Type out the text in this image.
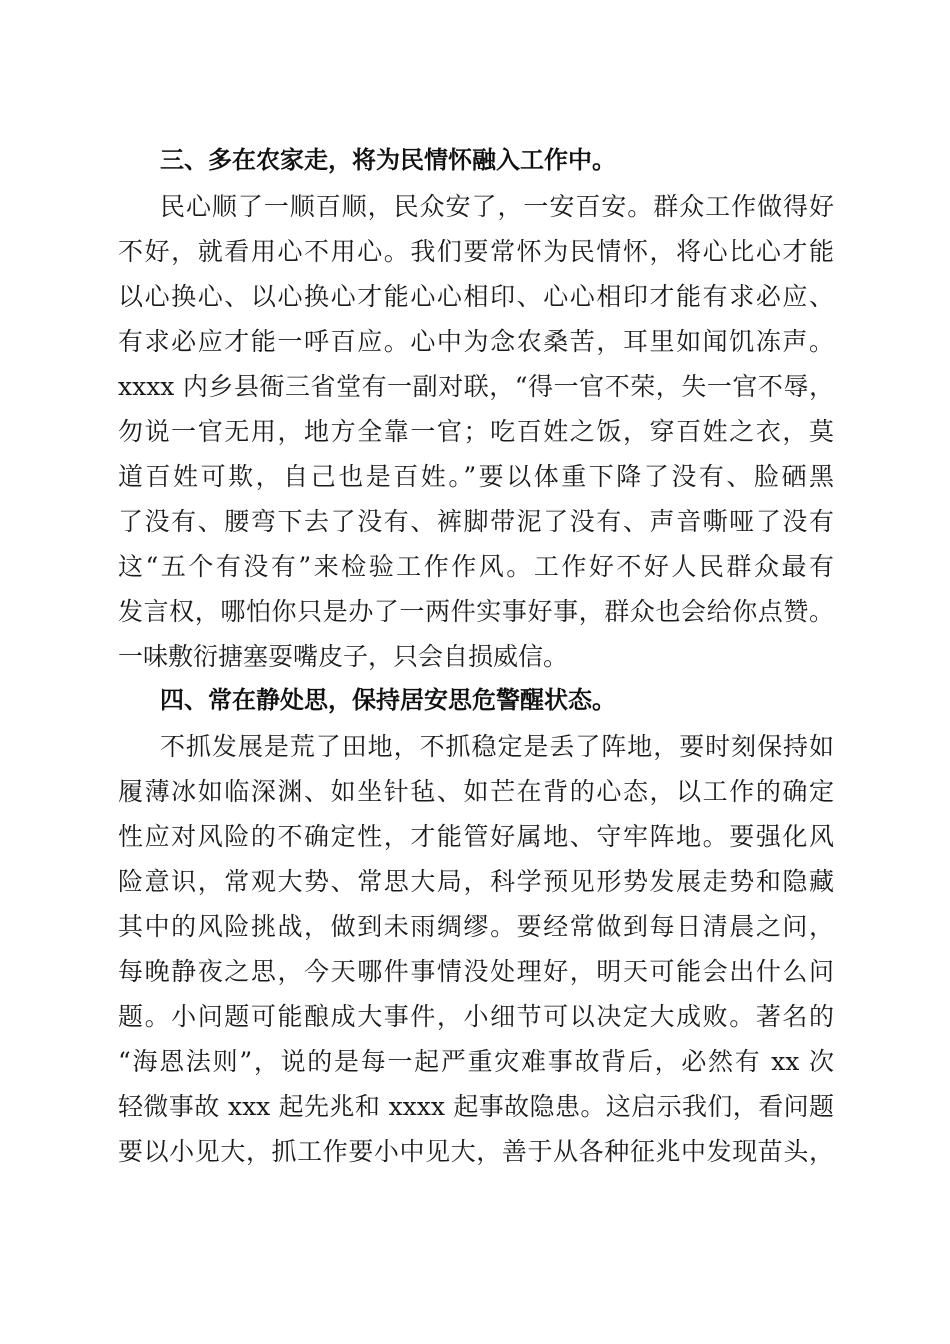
三、多在农家走，将为民情怀融入工作中。
民心顺了一顺百顺，民众安了，一安百安。群众工作做得好
不好，就看用心不用心。我们要常怀为民情怀，将心比心才能
以心换心、以心换心才能心心相印、心心相印才能有求必应、
有求必应才能一呼百应。心中为念农桑苦，耳里如闻饥冻声。
xxxx 内乡县衙三省堂有一副对联，“得一官不荣，失一官不辱，
勿说一官无用，地方全靠一官；吃百姓之饭，穿百姓之衣，莫
道百姓可欺，自己也是百姓。”要以体重下降了没有、脸硒黑
了没有、腰弯下去了没有、裤脚带泥了没有、声音嘶哑了没有
这“五个有没有”来检验工作作风。工作好不好人民群众最有
发言权，哪怕你只是办了一两件实事好事，群众也会给你点赞。
一味敷衍搪塞耍嘴皮子，只会自损威信。
四、常在静处思，保持居安思危警醒状态。
不抓发展是荒了田地，不抓稳定是丢了阵地，要时刻保持如
履薄冰如临深渊、如坐针毡、如芒在背的心态，以工作的确定
性应对风险的不确定性，才能管好属地、守牢阵地。要强化风
险意识，常观大势、常思大局，科学预见形势发展走势和隐藏
其中的风险挑战，做到未雨绸缪。要经常做到每日清晨之问，
每晚静夜之思，今天哪件事情没处理好，明天可能会出什么问
题。小问题可能酿成大事件，小细节可以决定大成败。著名的
“海恩法则”，说的是每一起严重灾难事故背后，必然有 xx 次
轻微事故 xxx 起先兆和 xxxx 起事故隐患。这启示我们，看问题
要以小见大，抓工作要小中见大，善于从各种征兆中发现苗头，
